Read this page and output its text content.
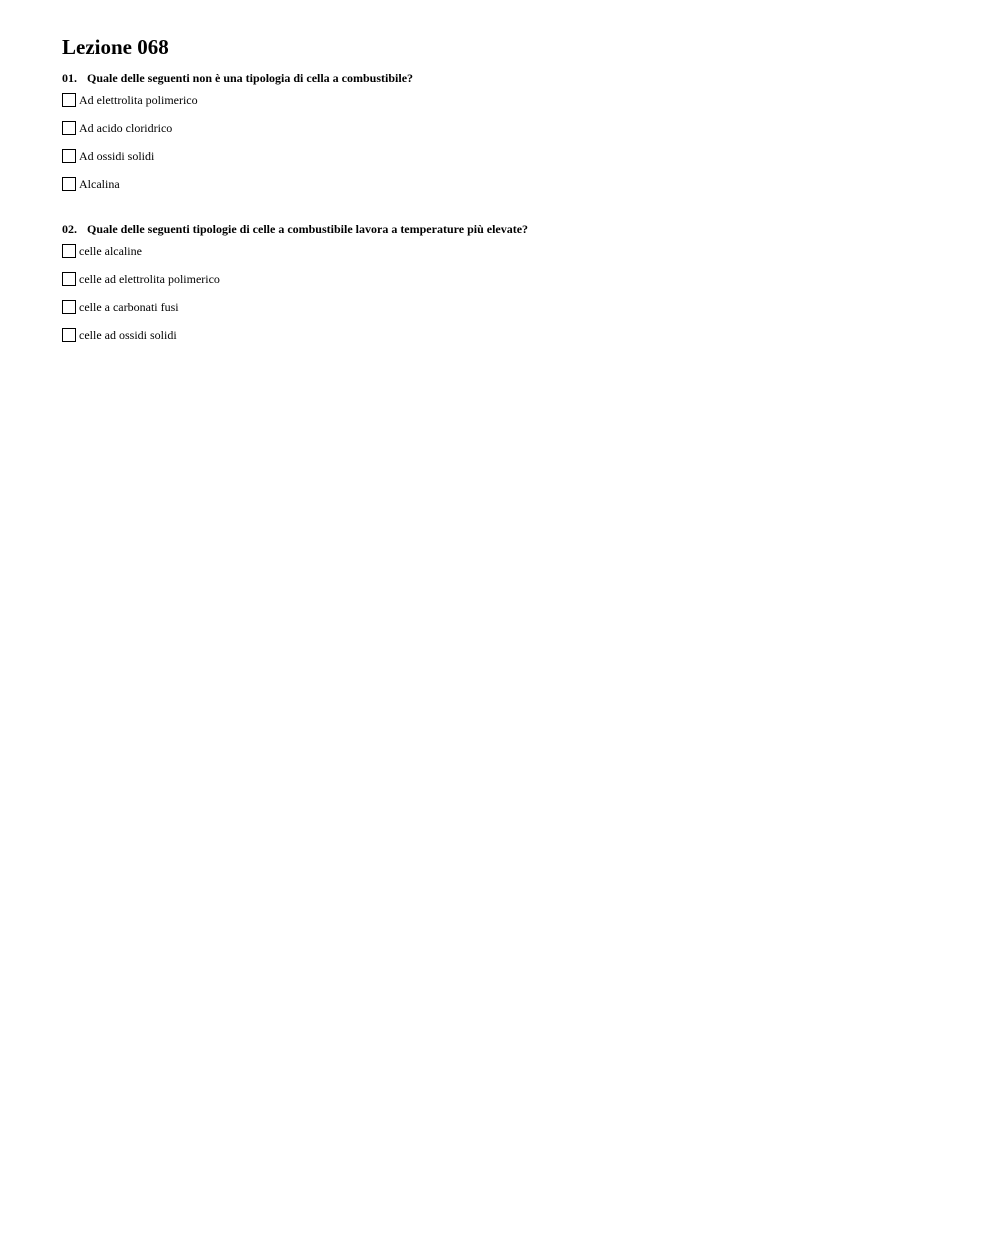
Lezione 068
01. Quale delle seguenti non è una tipologia di cella a combustibile?
Ad elettrolita polimerico
Ad acido cloridrico
Ad ossidi solidi
Alcalina
02. Quale delle seguenti tipologie di celle a combustibile lavora a temperature più elevate?
celle alcaline
celle ad elettrolita polimerico
celle a carbonati fusi
celle ad ossidi solidi
